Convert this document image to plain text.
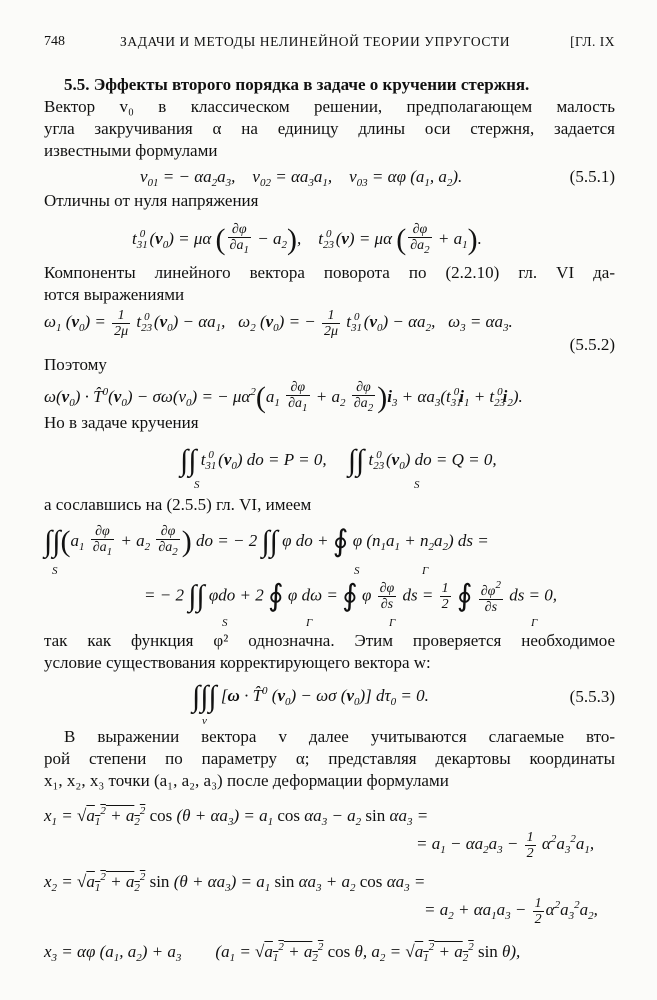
748	ЗАДАЧИ И МЕТОДЫ НЕЛИНЕЙНОЙ ТЕОРИИ УПРУГОСТИ	[ГЛ. IX
5.5. Эффекты второго порядка в задаче о кручении стержня.
Вектор v₀ в классическом решении, предполагающем малость
угла закручивания α на единицу длины оси стержня, задается
известными формулами
$v_{01}$ = − $\alpha a_2a_3$,    $v_{02} = \alpha a_3a_1$,    $v_{03} = \alpha\varphi$ ($a_1$, $a_2$).	(5.5.1)
Отличны от нуля напряжения
$t_{31}^0$ $(v_0) = \mu\alpha$ ( $\frac{\partial\varphi}{\partial a_1} - a_2$),    $t_{23}^0$ (v) = μα ( $\frac{\partial\varphi}{\partial a_2} + a_1$).
Компоненты линейного вектора поворота по (2.2.10) гл. VI да-
ются выражениями
$\omega_1$ $(v_0) = \frac{1}{2\mu} t_{23}^0$ $(v_0) - \alpha a_1$,   $\omega_2$ $(v_0)$ = − $\frac{1}{2\mu} t_{31}^0$ $(v_0) - \alpha a_2$,   $\omega_3 = \alpha a_3$.
(5.5.2)
Поэтому
$\omega(v_0)$ · $T̂^0(v_0) - \sigma\omega(v_0)$ = − $\mu\alpha^2(a_1 \frac{\partial\varphi}{\partial a_1} + a_2 \frac{\partial\varphi}{\partial a_2} )i_3 + \alpha a_3(t_{31}^0i_1 + t_{23}^0i_2)$.
Но в задаче кручения
∫∫ $t_{31}^0$ $(v_0)$ do = P = 0,     ∫∫ $t_{23}^0$ $(v_0)$ do = Q = 0,
S	S
а сославшись на (2.5.5) гл. VI, имеем
$\int\int(a_1 \frac{\partial\varphi}{\partial a_1} + a_2 \frac{\partial\varphi}{\partial a_2}$ ) do = − 2 ∫∫ φ do + ∮ φ $(n_1a_1 + n_2a_2)$ ds =
S	S	Γ
= − 2 ∫∫ φdo + 2 ∮ φ dω = ∮ φ $\frac{\partial\varphi}{\partial s}$ ds = $\frac{1}{2}$ ∮ $\frac{\partial\varphi^2}{\partial s}$ ds = 0,
S	Γ	Γ	Γ
так как функция φ² однозначна. Этим проверяется необходимое
условие существования корректирующего вектора w:
∫∫∫ [ω · T̂$^0$ $(v_0) - \omega\sigma$ $(v_0)$] $d\tau_0 = 0$.
v
(5.5.3)
В выражении вектора v далее учитываются слагаемые вто-
рой степени по параметру α; представляя декартовы координаты
x₁, x₂, x₃ точки (a₁, a₂, a₃) после деформации формулами
$x_1 = √a_1^2 + a_2^2$ $\cos (\theta + \alpha a_3) = a_1$ $\cos \alpha a_3 - a_2$ $\sin \alpha a_3$ =
= $a_1 - \alpha a_2a_3 - \frac{1}{2} \alpha^2a_3^2a_1$,
$x_2 = √a_1^2 + a_2^2$ $\sin (\theta + \alpha a_3) = a_1$ $\sin \alpha a_3 + a_2$ $\cos \alpha a_3$ =
= $a_2 + \alpha a_1a_3 - \frac{1}{2} \alpha^2a_3^2a_2$,
$x_3 = \alpha\varphi$ ($a_1$, $a_2) + a_3$        ($a_1 = √a_1^2 + a_2^2$ cos θ, $a_2 = √a_1^2 + a_2^2$ sin θ),
